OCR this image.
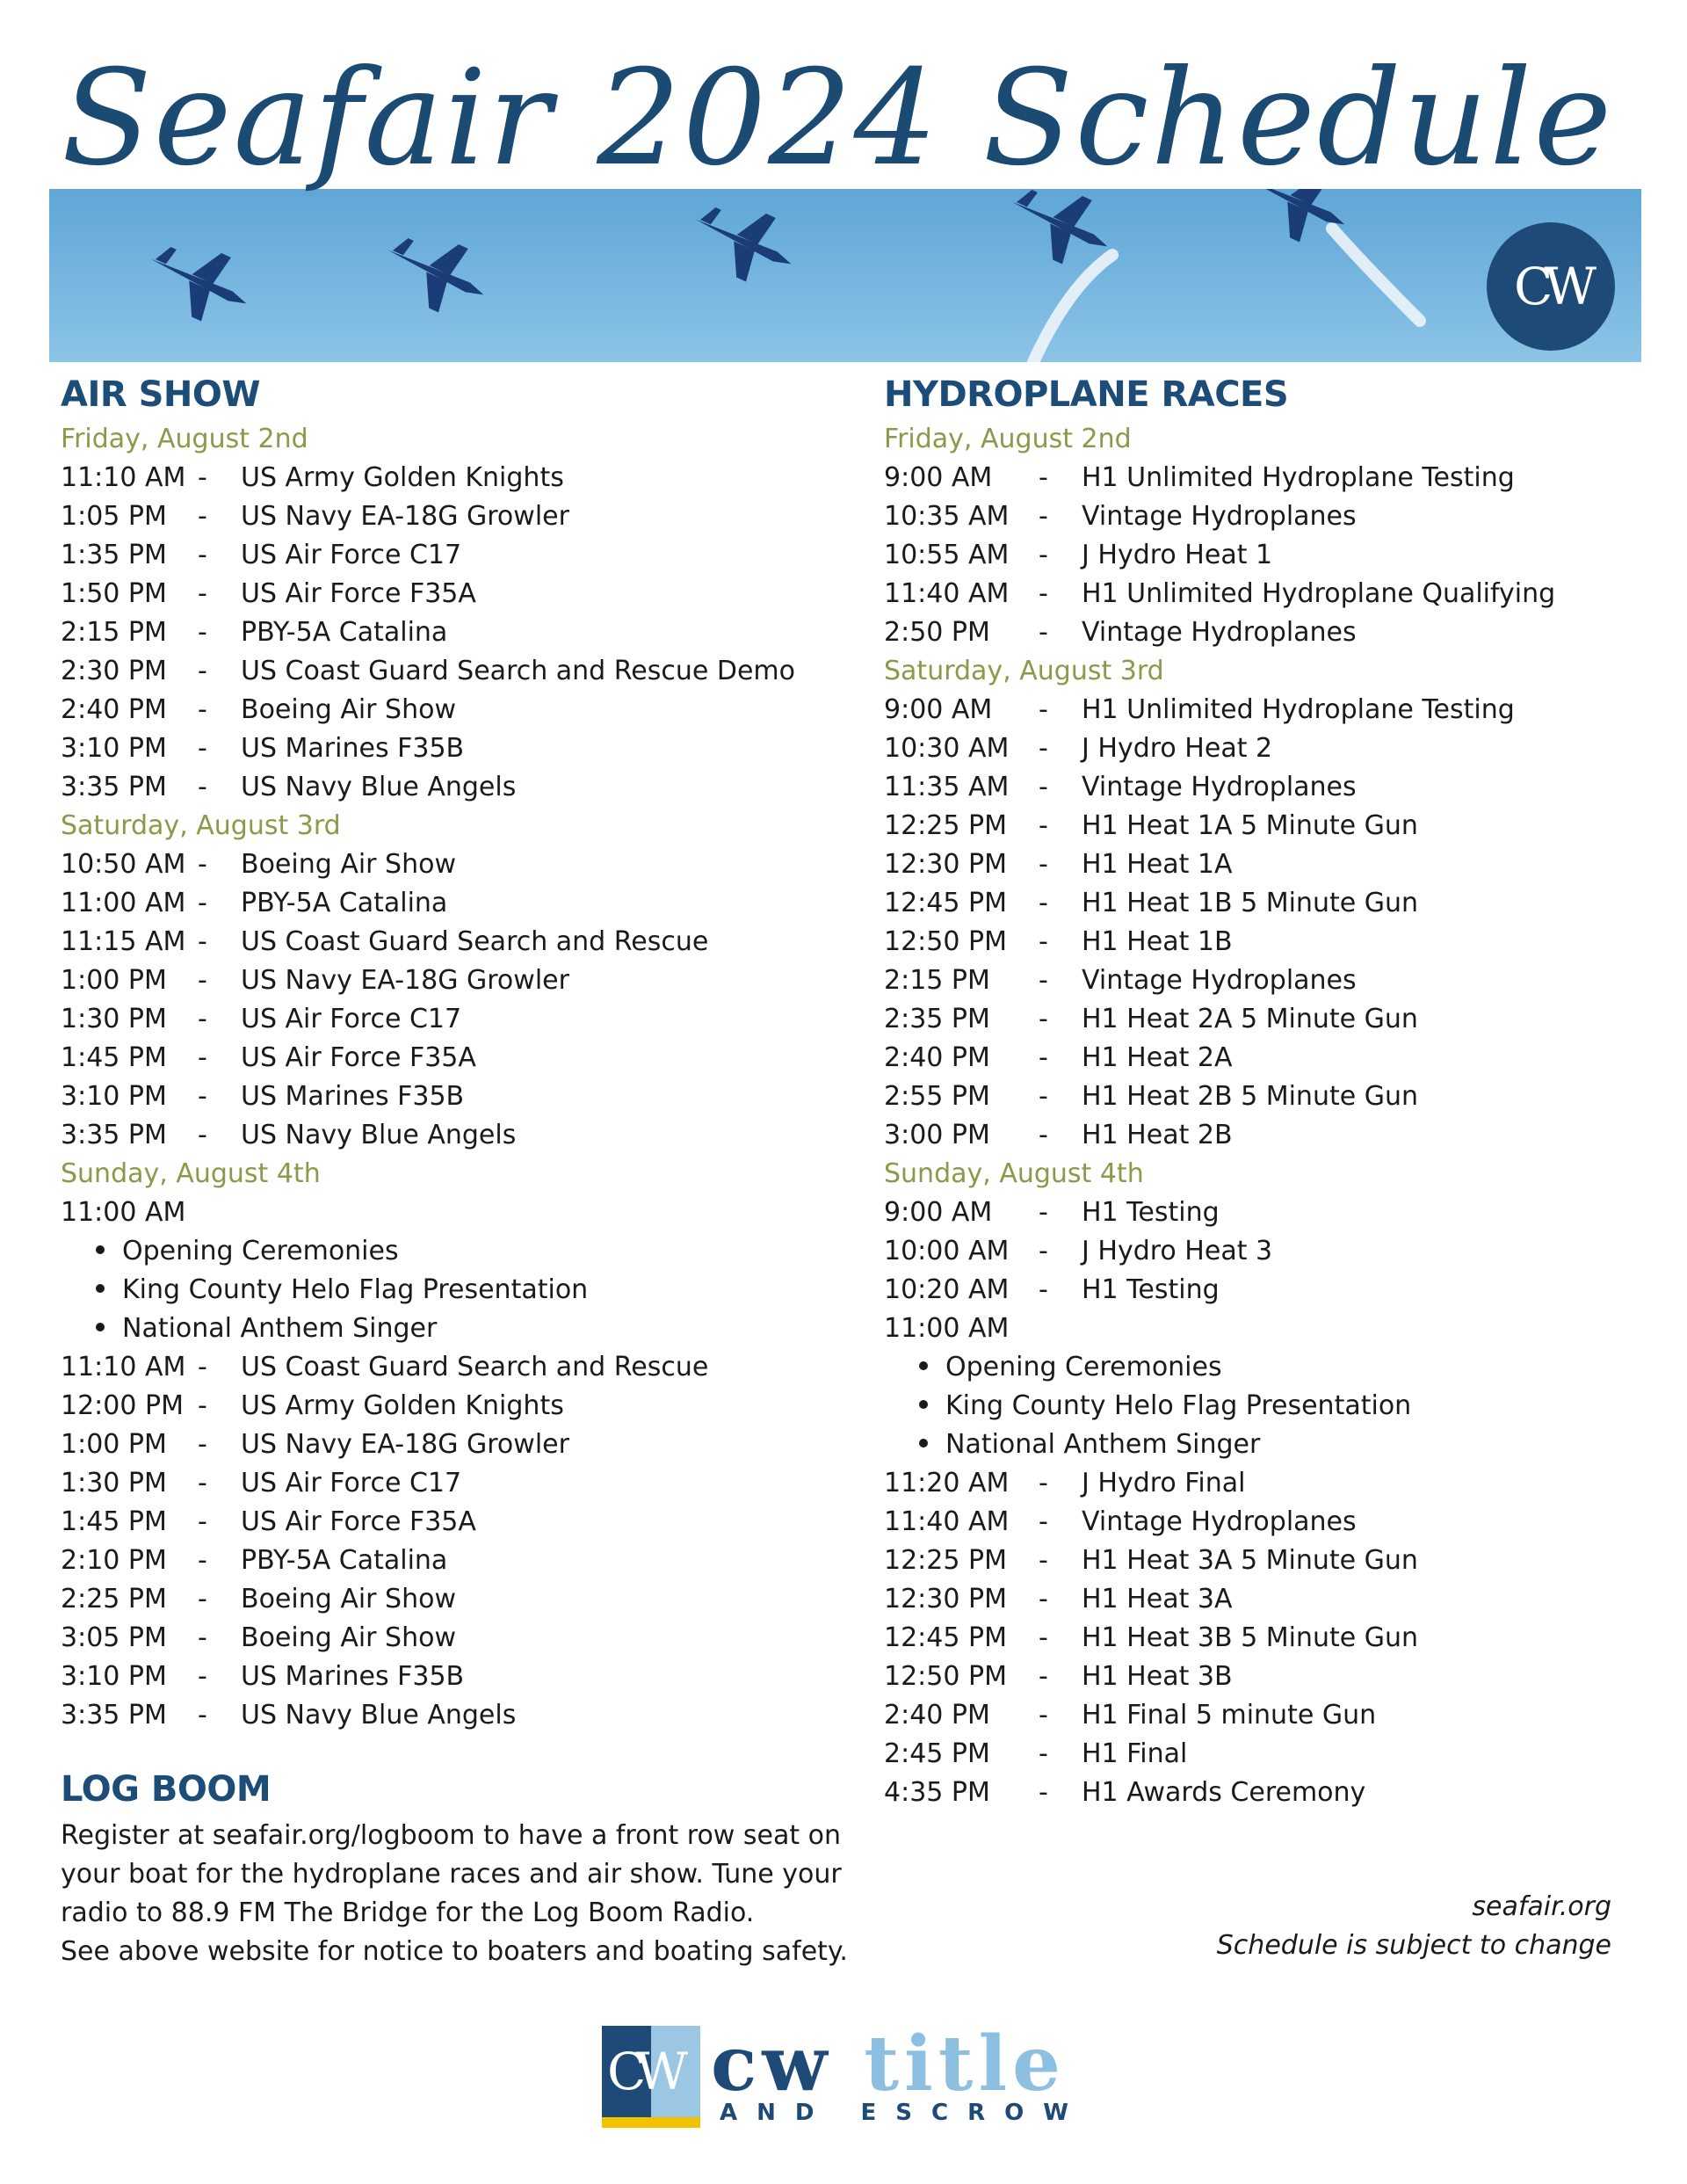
Seafair 2024 Schedule
CW
AIR SHOW
Friday, August 2nd
11:10 AM - US Army Golden Knights
1:05 PM - US Navy EA-18G Growler
1:35 PM - US Air Force C17
1:50 PM - US Air Force F35A
2:15 PM - PBY-5A Catalina
2:30 PM - US Coast Guard Search and Rescue Demo
2:40 PM - Boeing Air Show
3:10 PM - US Marines F35B
3:35 PM - US Navy Blue Angels
Saturday, August 3rd
10:50 AM - Boeing Air Show
11:00 AM - PBY-5A Catalina
11:15 AM - US Coast Guard Search and Rescue
1:00 PM - US Navy EA-18G Growler
1:30 PM - US Air Force C17
1:45 PM - US Air Force F35A
3:10 PM - US Marines F35B
3:35 PM - US Navy Blue Angels
Sunday, August 4th
11:00 AM
Opening Ceremonies
King County Helo Flag Presentation
National Anthem Singer
11:10 AM - US Coast Guard Search and Rescue
12:00 PM - US Army Golden Knights
1:00 PM - US Navy EA-18G Growler
1:30 PM - US Air Force C17
1:45 PM - US Air Force F35A
2:10 PM - PBY-5A Catalina
2:25 PM - Boeing Air Show
3:05 PM - Boeing Air Show
3:10 PM - US Marines F35B
3:35 PM - US Navy Blue Angels
HYDROPLANE RACES
Friday, August 2nd
9:00 AM - H1 Unlimited Hydroplane Testing
10:35 AM - Vintage Hydroplanes
10:55 AM - J Hydro Heat 1
11:40 AM - H1 Unlimited Hydroplane Qualifying
2:50 PM - Vintage Hydroplanes
Saturday, August 3rd
9:00 AM - H1 Unlimited Hydroplane Testing
10:30 AM - J Hydro Heat 2
11:35 AM - Vintage Hydroplanes
12:25 PM - H1 Heat 1A 5 Minute Gun
12:30 PM - H1 Heat 1A
12:45 PM - H1 Heat 1B 5 Minute Gun
12:50 PM - H1 Heat 1B
2:15 PM - Vintage Hydroplanes
2:35 PM - H1 Heat 2A 5 Minute Gun
2:40 PM - H1 Heat 2A
2:55 PM - H1 Heat 2B 5 Minute Gun
3:00 PM - H1 Heat 2B
Sunday, August 4th
9:00 AM - H1 Testing
10:00 AM - J Hydro Heat 3
10:20 AM - H1 Testing
11:00 AM
Opening Ceremonies
King County Helo Flag Presentation
National Anthem Singer
11:20 AM - J Hydro Final
11:40 AM - Vintage Hydroplanes
12:25 PM - H1 Heat 3A 5 Minute Gun
12:30 PM - H1 Heat 3A
12:45 PM - H1 Heat 3B 5 Minute Gun
12:50 PM - H1 Heat 3B
2:40 PM - H1 Final 5 minute Gun
2:45 PM - H1 Final
4:35 PM - H1 Awards Ceremony
LOG BOOM

Register at seafair.org/logboom to have a front row seat on

your boat for the hydroplane races and air show. Tune your

radio to 88.9 FM The Bridge for the Log Boom Radio.

See above website for notice to boaters and boating safety.

seafair.org
Schedule is subject to change
CW cw title
AND ESCROW
